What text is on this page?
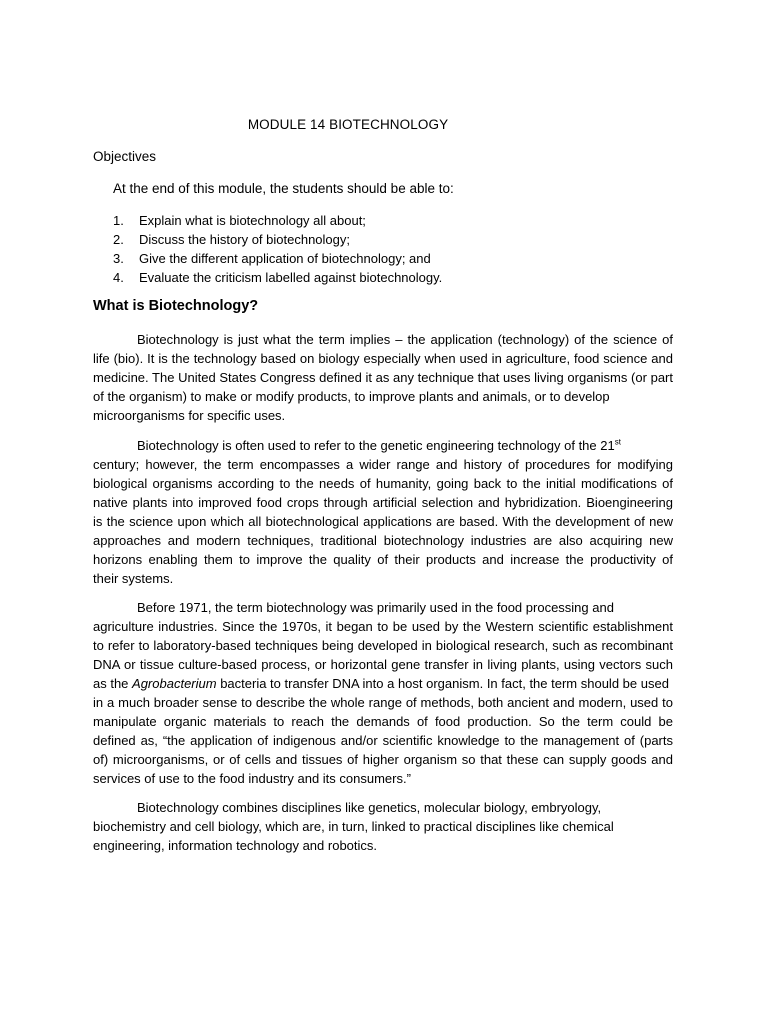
MODULE 14 BIOTECHNOLOGY
Objectives
At the end of this module, the students should be able to:
1.	Explain what is biotechnology all about;
2.	Discuss the history of biotechnology;
3.	Give the different application of biotechnology; and
4.	Evaluate the criticism labelled against biotechnology.
What is Biotechnology?
Biotechnology is just what the term implies – the application (technology) of the science of
life (bio). It is the technology based on biology especially when used in agriculture, food science and
medicine. The United States Congress defined it as any technique that uses living organisms (or part
of the organism) to make or modify products, to improve plants and animals, or to develop
microorganisms for specific uses.
Biotechnology is often used to refer to the genetic engineering technology of the 21st
century; however, the term encompasses a wider range and history of procedures for modifying
biological organisms according to the needs of humanity, going back to the initial modifications of
native plants into improved food crops through artificial selection and hybridization. Bioengineering
is the science upon which all biotechnological applications are based. With the development of new
approaches and modern techniques, traditional biotechnology industries are also acquiring new
horizons enabling them to improve the quality of their products and increase the productivity of
their systems.
Before 1971, the term biotechnology was primarily used in the food processing and
agriculture industries. Since the 1970s, it began to be used by the Western scientific establishment
to refer to laboratory-based techniques being developed in biological research, such as recombinant
DNA or tissue culture-based process, or horizontal gene transfer in living plants, using vectors such
as the Agrobacterium bacteria to transfer DNA into a host organism. In fact, the term should be used
in a much broader sense to describe the whole range of methods, both ancient and modern, used to
manipulate organic materials to reach the demands of food production. So the term could be
defined as, “the application of indigenous and/or scientific knowledge to the management of (parts
of) microorganisms, or of cells and tissues of higher organism so that these can supply goods and
services of use to the food industry and its consumers.”
Biotechnology combines disciplines like genetics, molecular biology, embryology,
biochemistry and cell biology, which are, in turn, linked to practical disciplines like chemical
engineering, information technology and robotics.
